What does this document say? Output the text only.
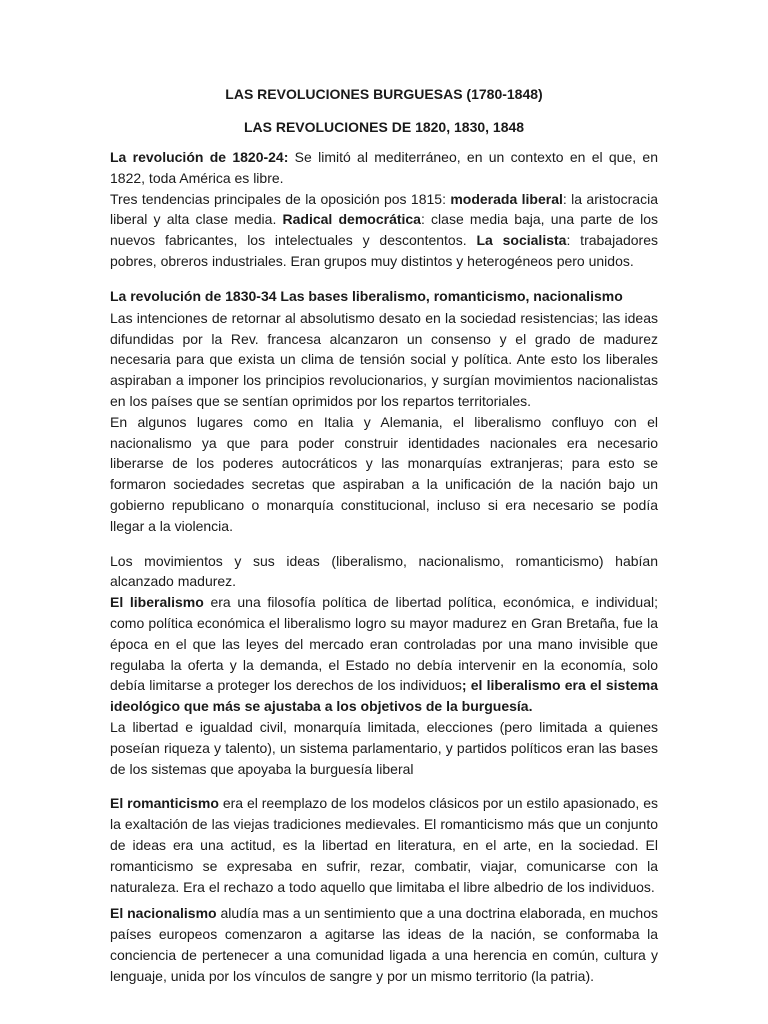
LAS REVOLUCIONES BURGUESAS (1780-1848)

LAS REVOLUCIONES DE 1820, 1830, 1848

La revolución de 1820-24: Se limitó al mediterráneo, en un contexto en el que, en 1822, toda América es libre.

Tres tendencias principales de la oposición pos 1815: moderada liberal: la aristocracia liberal y alta clase media. Radical democrática: clase media baja, una parte de los nuevos fabricantes, los intelectuales y descontentos. La socialista: trabajadores pobres, obreros industriales. Eran grupos muy distintos y heterogéneos pero unidos.

La revolución de 1830-34 Las bases liberalismo, romanticismo, nacionalismo

Las intenciones de retornar al absolutismo desato en la sociedad resistencias; las ideas difundidas por la Rev. francesa alcanzaron un consenso y el grado de madurez necesaria para que exista un clima de tensión social y política. Ante esto los liberales aspiraban a imponer los principios revolucionarios, y surgían movimientos nacionalistas en los países que se sentían oprimidos por los repartos territoriales.

En algunos lugares como en Italia y Alemania, el liberalismo confluyo con el nacionalismo ya que para poder construir identidades nacionales era necesario liberarse de los poderes autocráticos y las monarquías extranjeras; para esto se formaron sociedades secretas que aspiraban a la unificación de la nación bajo un gobierno republicano o monarquía constitucional, incluso si era necesario se podía llegar a la violencia.

Los movimientos y sus ideas (liberalismo, nacionalismo, romanticismo) habían alcanzado madurez.

El liberalismo era una filosofía política de libertad política, económica, e individual; como política económica el liberalismo logro su mayor madurez en Gran Bretaña, fue la época en el que las leyes del mercado eran controladas por una mano invisible que regulaba la oferta y la demanda, el Estado no debía intervenir en la economía, solo debía limitarse a proteger los derechos de los individuos; el liberalismo era el sistema ideológico que más se ajustaba a los objetivos de la burguesía.

La libertad e igualdad civil, monarquía limitada, elecciones (pero limitada a quienes poseían riqueza y talento), un sistema parlamentario, y partidos políticos eran las bases de los sistemas que apoyaba la burguesía liberal

El romanticismo era el reemplazo de los modelos clásicos por un estilo apasionado, es la exaltación de las viejas tradiciones medievales. El romanticismo más que un conjunto de ideas era una actitud, es la libertad en literatura, en el arte, en la sociedad. El romanticismo se expresaba en sufrir, rezar, combatir, viajar, comunicarse con la naturaleza. Era el rechazo a todo aquello que limitaba el libre albedrio de los individuos.

El nacionalismo aludía mas a un sentimiento que a una doctrina elaborada, en muchos países europeos comenzaron a agitarse las ideas de la nación, se conformaba la conciencia de pertenecer a una comunidad ligada a una herencia en común, cultura y lenguaje, unida por los vínculos de sangre y por un mismo territorio (la patria).
